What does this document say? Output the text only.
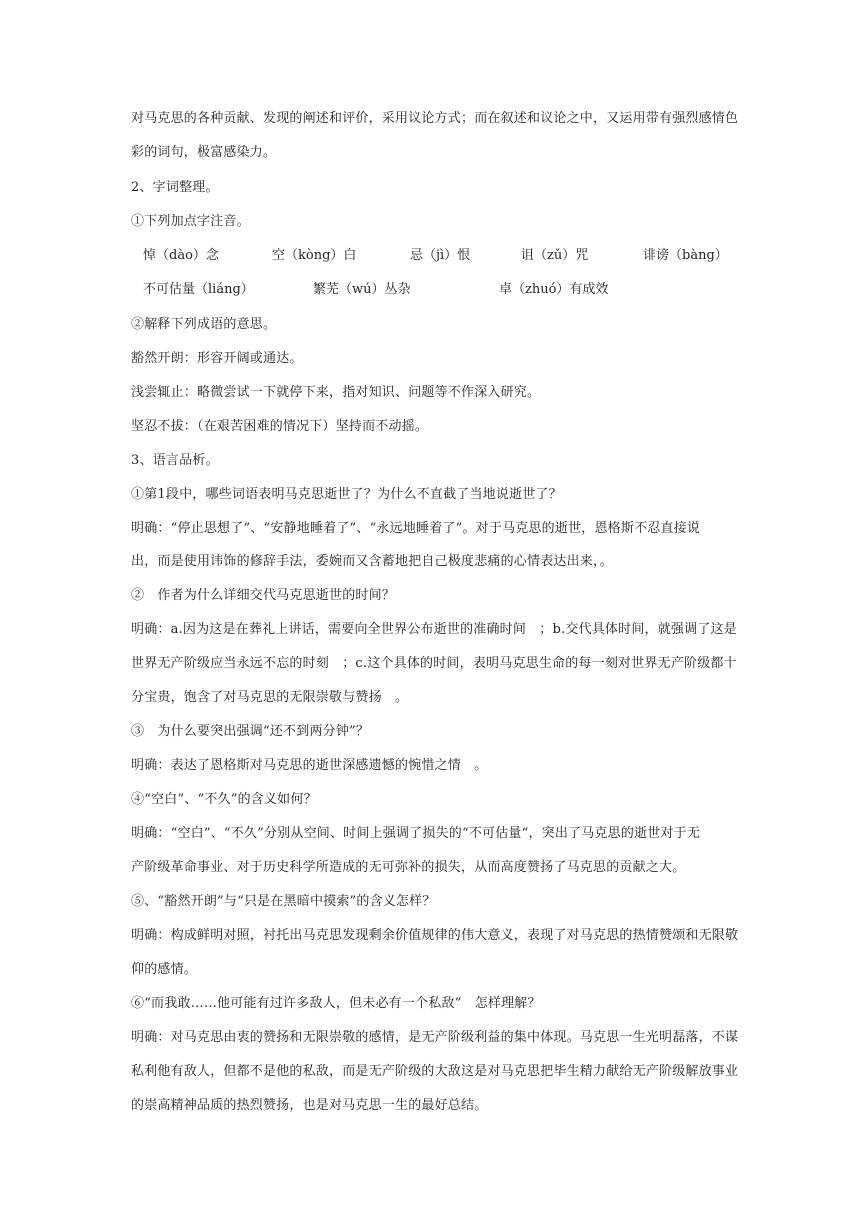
对马克思的各种贡献、发现的阐述和评价，采用议论方式；而在叙述和议论之中，又运用带有强烈感情色
彩的词句，极富感染力。
2、字词整理。
①下列加点字注音。
悼（dào）念	空（kòng）白	忌（jì）恨	诅（zǔ）咒	诽谤（bàng）
不可估量（liáng）	繁芜（wú）丛杂	卓（zhuó）有成效
②解释下列成语的意思。
豁然开朗：形容开阔或通达。
浅尝辄止：略微尝试一下就停下来，指对知识、问题等不作深入研究。
坚忍不拔：（在艰苦困难的情况下）坚持而不动摇。
3、语言品析。
①第1段中，哪些词语表明马克思逝世了？为什么不直截了当地说逝世了？
明确：“停止思想了”、“安静地睡着了”、“永远地睡着了”。对于马克思的逝世，恩格斯不忍直接说
出，而是使用讳饰的修辞手法，委婉而又含蓄地把自己极度悲痛的心情表达出来，。
②　作者为什么详细交代马克思逝世的时间？
明确：a.因为这是在葬礼上讲话，需要向全世界公布逝世的准确时间　；b.交代具体时间，就强调了这是
世界无产阶级应当永远不忘的时刻　；c.这个具体的时间，表明马克思生命的每一刻对世界无产阶级都十
分宝贵，饱含了对马克思的无限崇敬与赞扬　。
③　为什么要突出强调“还不到两分钟”？
明确：表达了恩格斯对马克思的逝世深感遗憾的惋惜之情　。
④“空白”、“不久”的含义如何？
明确：“空白”、“不久”分别从空间、时间上强调了损失的“不可估量“，突出了马克思的逝世对于无
产阶级革命事业、对于历史科学所造成的无可弥补的损失，从而高度赞扬了马克思的贡献之大。
⑤、“豁然开朗”与“只是在黑暗中摸索”的含义怎样？
明确：构成鲜明对照，衬托出马克思发现剩余价值规律的伟大意义，表现了对马克思的热情赞颂和无限敬
仰的感情。
⑥“而我敢……他可能有过许多敌人，但未必有一个私敌”　怎样理解？
明确：对马克思由衷的赞扬和无限崇敬的感情，是无产阶级利益的集中体现。马克思一生光明磊落，不谋
私利他有敌人，但都不是他的私敌，而是无产阶级的大敌这是对马克思把毕生精力献给无产阶级解放事业
的崇高精神品质的热烈赞扬，也是对马克思一生的最好总结。
